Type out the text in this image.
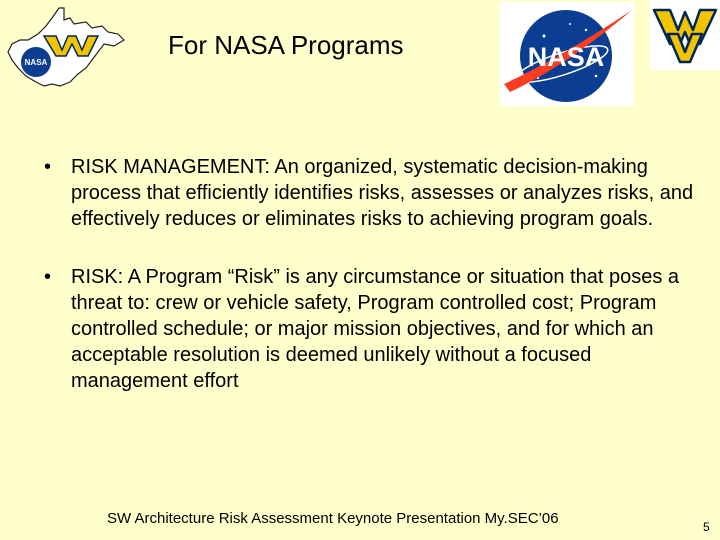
NASA
For NASA Programs	NASA
• RISK MANAGEMENT: An organized, systematic decision-making process that efficiently identifies risks, assesses or analyzes risks, and effectively reduces or eliminates risks to achieving program goals.
• RISK: A Program “Risk” is any circumstance or situation that poses a threat to: crew or vehicle safety, Program controlled cost; Program controlled schedule; or major mission objectives, and for which an acceptable resolution is deemed unlikely without a focused management effort
SW Architecture Risk Assessment Keynote Presentation My.SEC’06	5
